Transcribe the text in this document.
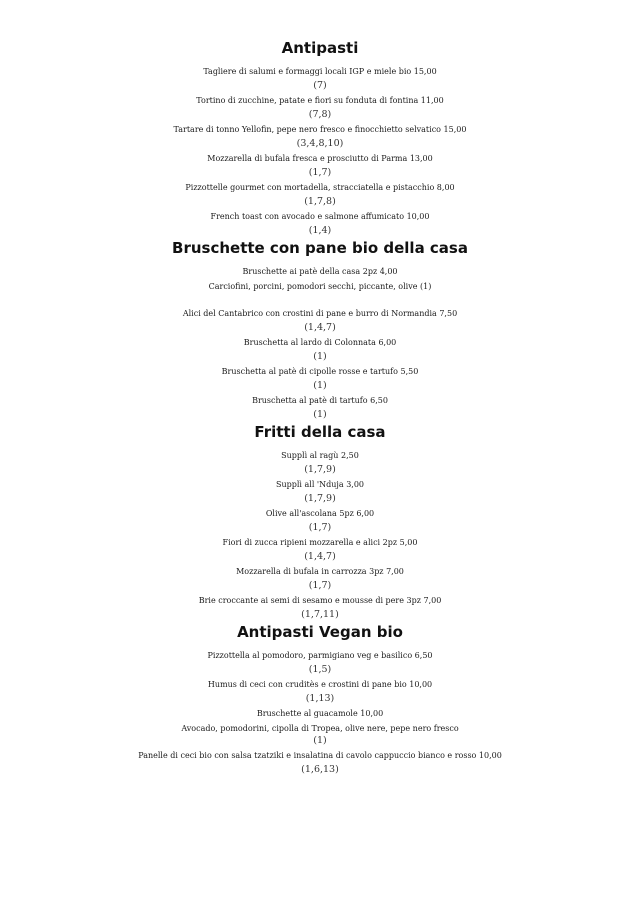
Antipasti

Tagliere di salumi e formaggi locali IGP e miele bio 15,00

(7)

Tortino di zucchine, patate e fiori su fonduta di fontina 11,00

(7,8)

Tartare di tonno Yellofin, pepe nero fresco e finocchietto selvatico 15,00

(3,4,8,10)

Mozzarella di bufala fresca e prosciutto di Parma 13,00

(1,7)

Pizzottelle gourmet con mortadella, stracciatella e pistacchio 8,00

(1,7,8)

French toast con avocado e salmone affumicato 10,00

(1,4)

Bruschette con pane bio della casa

Bruschette ai patè della casa 2pz 4,00

Carciofini, porcini, pomodori secchi, piccante, olive (1)

Alici del Cantabrico con crostini di pane e burro di Normandia 7,50

(1,4,7)

Bruschetta al lardo di Colonnata 6,00

(1)

Bruschetta al patè di cipolle rosse e tartufo 5,50

(1)

Bruschetta al patè di tartufo 6,50

(1)

Fritti della casa

Supplì al ragù 2,50

(1,7,9)

Supplì all 'Nduja 3,00

(1,7,9)

Olive all'ascolana 5pz 6,00

(1,7)

Fiori di zucca ripieni mozzarella e alici 2pz 5,00

(1,4,7)

Mozzarella di bufala in carrozza 3pz 7,00

(1,7)

Brie croccante ai semi di sesamo e mousse di pere 3pz 7,00

(1,7,11)

Antipasti Vegan bio

Pizzottella al pomodoro, parmigiano veg e basilico 6,50

(1,5)

Humus di ceci con cruditès e crostini di pane bio 10,00

(1,13)

Bruschette al guacamole 10,00

Avocado, pomodorini, cipolla di Tropea, olive nere, pepe nero fresco

(1)

Panelle di ceci bio con salsa tzatziki e insalatina di cavolo cappuccio bianco e rosso 10,00

(1,6,13)
